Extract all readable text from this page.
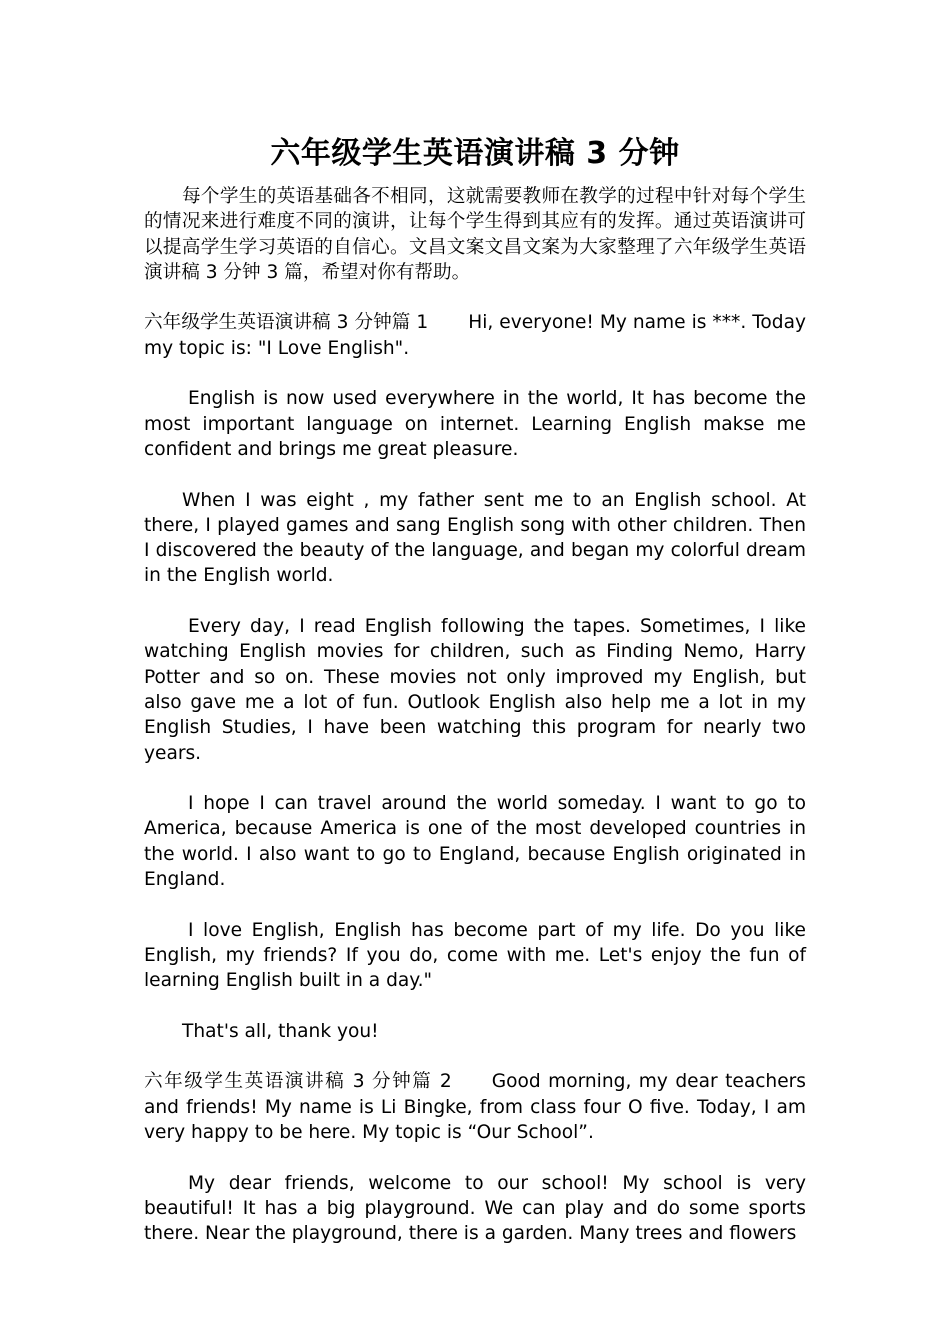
六年级学生英语演讲稿 3 分钟

每个学生的英语基础各不相同，这就需要教师在教学的过程中针对每个学生的情况来进行难度不同的演讲，让每个学生得到其应有的发挥。通过英语演讲可以提高学生学习英语的自信心。文昌文案文昌文案为大家整理了六年级学生英语演讲稿 3 分钟 3 篇，希望对你有帮助。

六年级学生英语演讲稿 3 分钟篇 1 Hi, everyone! My name is ***. Today my topic is: "I Love English".

English is now used everywhere in the world, It has become the most important language on internet. Learning English makse me confident and brings me great pleasure.

When I was eight , my father sent me to an English school. At there, I played games and sang English song with other children. Then I discovered the beauty of the language, and began my colorful dream in the English world.

Every day, I read English following the tapes. Sometimes, I like watching English movies for children, such as Finding Nemo, Harry Potter and so on. These movies not only improved my English, but also gave me a lot of fun. Outlook English also help me a lot in my English Studies, I have been watching this program for nearly two years.

I hope I can travel around the world someday. I want to go to America, because America is one of the most developed countries in the world. I also want to go to England, because English originated in England.

I love English, English has become part of my life. Do you like English, my friends? If you do, come with me. Let's enjoy the fun of learning English built in a day."

That's all, thank you!

六年级学生英语演讲稿 3 分钟篇 2 Good morning, my dear teachers and friends! My name is Li Bingke, from class four O five. Today, I am very happy to be here. My topic is “Our School”.

My dear friends, welcome to our school! My school is very beautiful! It has a big playground. We can play and do some sports there. Near the playground, there is a garden. Many trees and flowers
